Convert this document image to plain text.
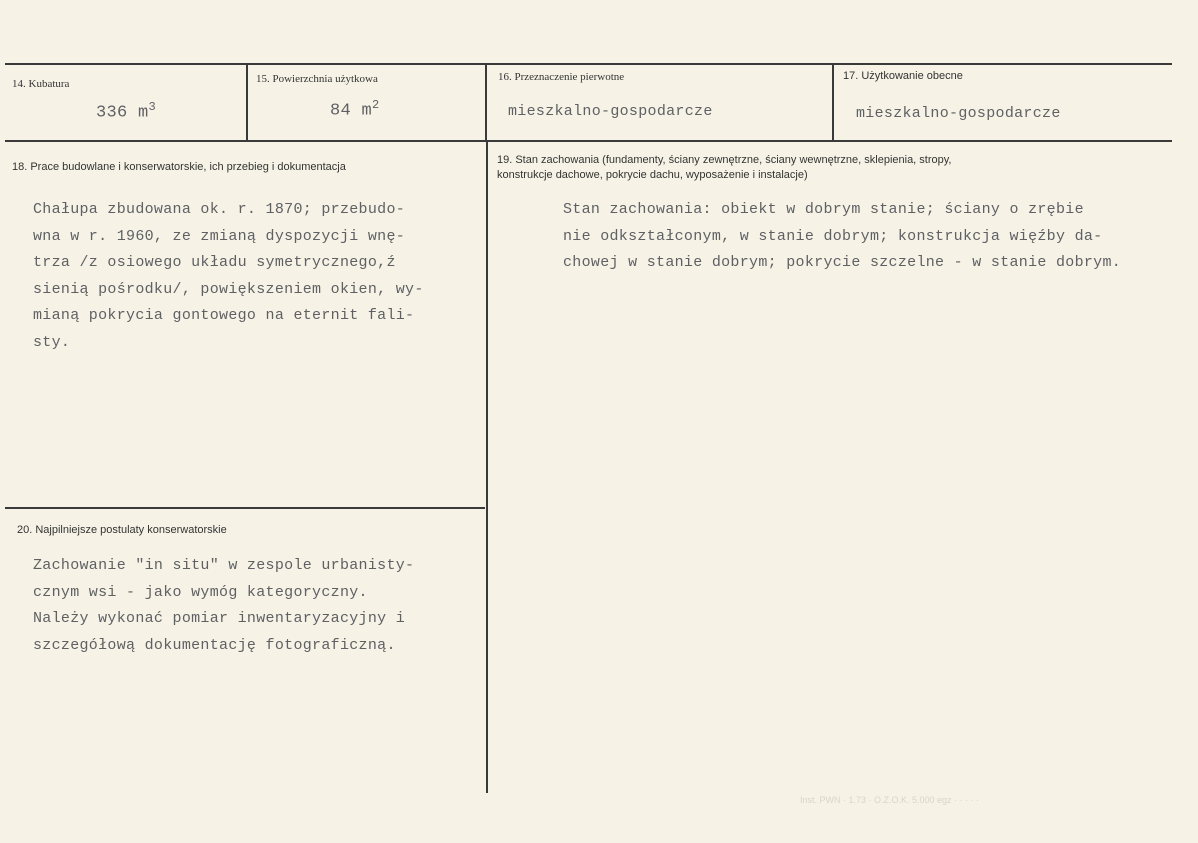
14. Kubatura
336 $m^3$
15. Powierzchnia użytkowa
84 $m^2$
16. Przeznaczenie pierwotne
mieszkalno-gospodarcze
17. Użytkowanie obecne
mieszkalno-gospodarcze
18. Prace budowlane i konserwatorskie, ich przebieg i dokumentacja

Chałupa zbudowana ok. r. 1870; przebudo-

wna w r. 1960, ze zmianą dyspozycji wnę-

trza /z osiowego układu symetrycznego,ź

sienią pośrodku/, powiększeniem okien, wy-

mianą pokrycia gontowego na eternit fali-

sty.

19. Stan zachowania (fundamenty, ściany zewnętrzne, ściany wewnętrzne, sklepienia, stropy,
konstrukcje dachowe, pokrycie dachu, wyposażenie i instalacje)

Stan zachowania: obiekt w dobrym stanie; ściany o zrębie

nie odkształconym, w stanie dobrym; konstrukcja więźby da-

chowej w stanie dobrym; pokrycie szczelne - w stanie dobrym.

20. Najpilniejsze postulaty konserwatorskie

Zachowanie "in situ" w zespole urbanisty-

cznym wsi - jako wymóg kategoryczny.

Należy wykonać pomiar inwentaryzacyjny i

szczegółową dokumentację fotograficzną.

Inst. PWN · 1.73 · O.Z.O.K. 5.000 egz · · · · ·
